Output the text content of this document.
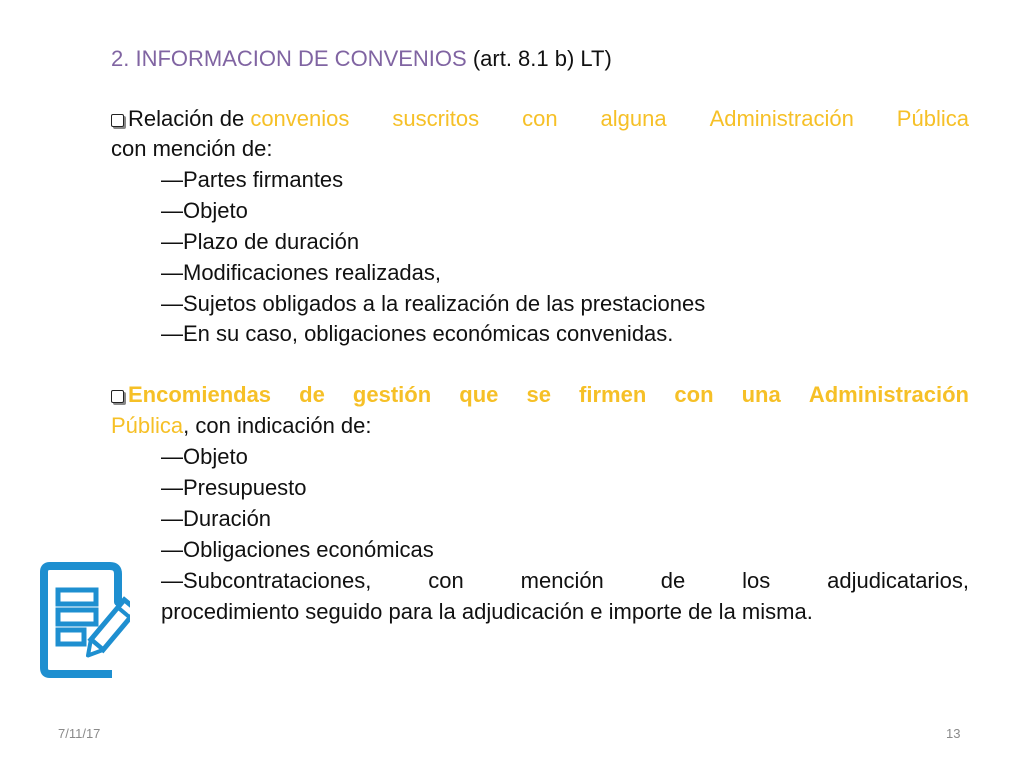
2. INFORMACION DE CONVENIOS (art. 8.1 b) LT)
Relación de convenios suscritos con alguna Administración Pública
con mención de:
—Partes firmantes
—Objeto
—Plazo de duración
—Modificaciones realizadas,
—Sujetos obligados a la realización de las prestaciones
—En su caso, obligaciones económicas convenidas.
Encomiendas de gestión que se firmen con una Administración
Pública, con indicación de:
—Objeto
—Presupuesto
—Duración
—Obligaciones económicas
—Subcontrataciones,	con	mención	de	los	adjudicatarios,
procedimiento seguido para la adjudicación e importe de la misma.
7/11/17	13
